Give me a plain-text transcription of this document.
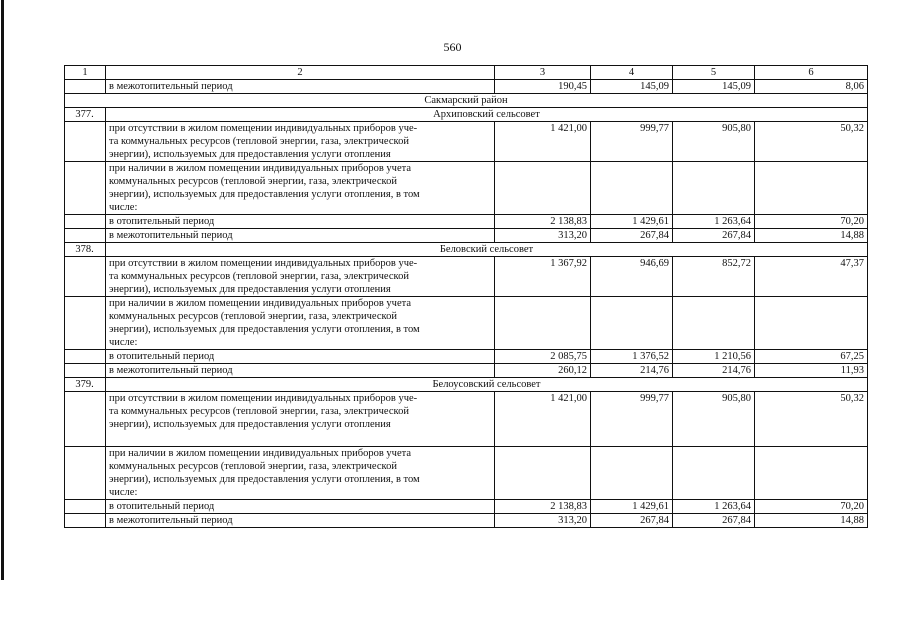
560
1	2	3	4	5	6
	в межотопительный период	190,45	145,09	145,09	8,06
Сакмарский район					
377.	Архиповский сельсовет				

	при отсутствии в жилом помещении индивидуальных приборов уче-
та коммунальных ресурсов (тепловой энергии, газа, электрической
энергии), используемых для предоставления услуги отопления	1 421,00	999,77	905,80	50,32

	при наличии в жилом помещении индивидуальных приборов учета
коммунальных ресурсов (тепловой энергии, газа, электрической
энергии), используемых для предоставления услуги отопления, в том
числе:				

	в отопительный период	2 138,83	1 429,61	1 263,64	70,20
	в межотопительный период	313,20	267,84	267,84	14,88
378.	Беловский сельсовет				

	при отсутствии в жилом помещении индивидуальных приборов уче-
та коммунальных ресурсов (тепловой энергии, газа, электрической
энергии), используемых для предоставления услуги отопления	1 367,92	946,69	852,72	47,37

	при наличии в жилом помещении индивидуальных приборов учета
коммунальных ресурсов (тепловой энергии, газа, электрической
энергии), используемых для предоставления услуги отопления, в том
числе:				

	в отопительный период	2 085,75	1 376,52	1 210,56	67,25
	в межотопительный период	260,12	214,76	214,76	11,93
379.	Белоусовский сельсовет				

	при отсутствии в жилом помещении индивидуальных приборов уче-
та коммунальных ресурсов (тепловой энергии, газа, электрической
энергии), используемых для предоставления услуги отопления	1 421,00	999,77	905,80	50,32

	при наличии в жилом помещении индивидуальных приборов учета
коммунальных ресурсов (тепловой энергии, газа, электрической
энергии), используемых для предоставления услуги отопления, в том
числе:				

	в отопительный период	2 138,83	1 429,61	1 263,64	70,20
	в межотопительный период	313,20	267,84	267,84	14,88
